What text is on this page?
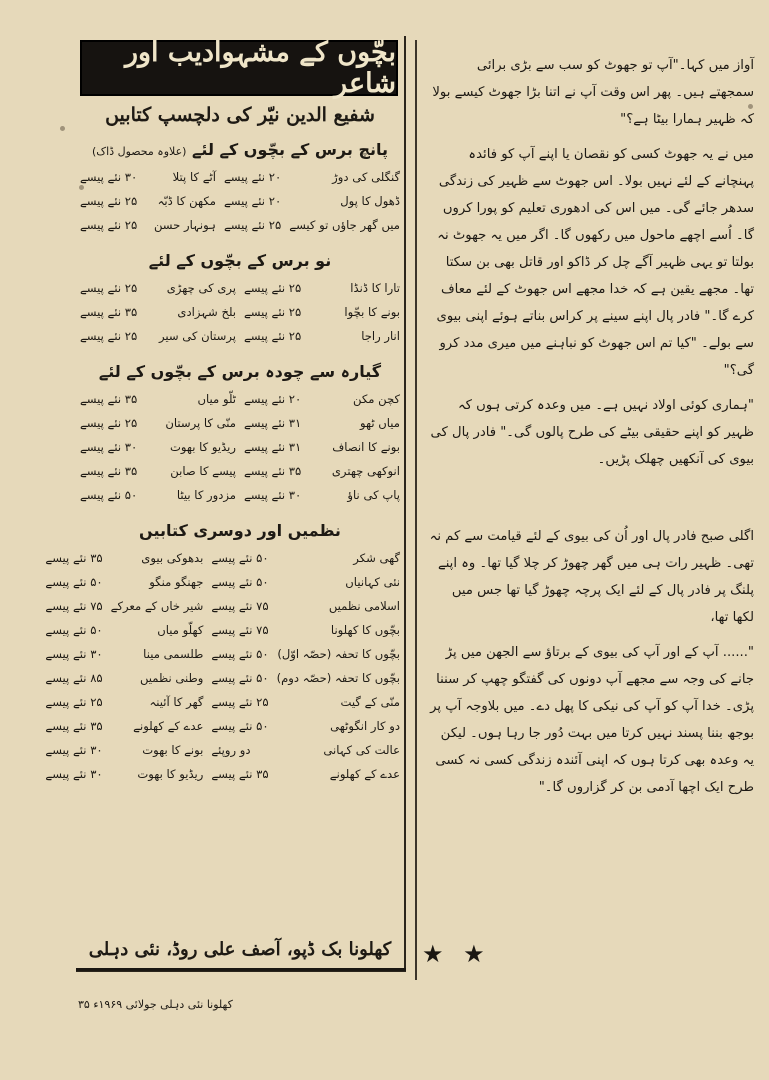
بچّوں کے مشہوادیب اور شاعر
شفیع الدین نیّر کی دلچسپ کتابیں
پانچ برس کے بچّوں کے لئے (علاوہ محصول ڈاک)
گنگلی کی دوڑ	۲۰ نئے پیسے	آٹے کا پتلا	۳۰ نئے پیسے
ڈھول کا پول	۲۰ نئے پیسے	مکھن کا ڈبّہ	۲۵ نئے پیسے
میں گھر جاؤں تو کیسے	۲۵ نئے پیسے	ہونہار حسن	۲۵ نئے پیسے
نو برس کے بچّوں کے لئے
تارا کا ڈنڈا	۲۵ نئے پیسے	پری کی چھڑی	۲۵ نئے پیسے
بونے کا بچّوا	۲۵ نئے پیسے	بلخ شہزادی	۳۵ نئے پیسے
انار راجا	۲۵ نئے پیسے	پرستان کی سیر	۲۵ نئے پیسے
گیارہ سے چودہ برس کے بچّوں کے لئے
کچن مکن	۲۰ نئے پیسے	ٹلّو میاں	۳۵ نئے پیسے
میاں ٹھو	۳۱ نئے پیسے	منّی کا پرستان	۲۵ نئے پیسے
بونے کا انصاف	۳۱ نئے پیسے	ریڈیو کا بھوت	۳۰ نئے پیسے
انوکھی چھتری	۳۵ نئے پیسے	پیسے کا صابن	۳۵ نئے پیسے
پاپ کی ناؤ	۳۰ نئے پیسے	مزدور کا بیٹا	۵۰ نئے پیسے
نظمیں اور دوسری کتابیں
گھی شکر	۵۰ نئے پیسے	بدھوکی بیوی	۳۵ نئے پیسے
نئی کہانیاں	۵۰ نئے پیسے	جھنگو منگو	۵۰ نئے پیسے
اسلامی نظمیں	۷۵ نئے پیسے	شیر خاں کے معرکے	۷۵ نئے پیسے
بچّوں کا کھلونا	۷۵ نئے پیسے	کھلّو میاں	۵۰ نئے پیسے
بچّوں کا تحفہ (حصّہ اوّل)	۵۰ نئے پیسے	طلسمی مینا	۳۰ نئے پیسے
بچّوں کا تحفہ (حصّہ دوم)	۵۰ نئے پیسے	وطنی نظمیں	۸۵ نئے پیسے
منّی کے گیت	۲۵ نئے پیسے	گھر کا آئینہ	۲۵ نئے پیسے
دو کار انگوٹھی	۵۰ نئے پیسے	عدے کے کھلونے	۳۵ نئے پیسے
عالت کی کہانی	دو روپئے	بونے کا بھوت	۳۰ نئے پیسے
عدے کے کھلونے	۳۵ نئے پیسے	ریڈیو کا بھوت	۳۰ نئے پیسے
کھلونا بک ڈپو، آصف علی روڈ، نئی دہلی

آواز میں کہا۔"آپ تو جھوٹ کو سب سے بڑی برائی سمجھتے ہیں۔ پھر اس وقت آپ نے اتنا بڑا جھوٹ کیسے بولا کہ ظہیر ہمارا بیٹا ہے؟"

میں نے یہ جھوٹ کسی کو نقصان یا اپنے آپ کو فائدہ پہنچانے کے لئے نہیں بولا۔ اس جھوٹ سے ظہیر کی زندگی سدھر جائے گی۔ میں اس کی ادھوری تعلیم کو پورا کروں گا۔ اُسے اچھے ماحول میں رکھوں گا۔ اگر میں یہ جھوٹ نہ بولتا تو یہی ظہیر آگے چل کر ڈاکو اور قاتل بھی بن سکتا تھا۔ مجھے یقین ہے کہ خدا مجھے اس جھوٹ کے لئے معاف کرے گا۔" فادر پال اپنے سینے پر کراس بناتے ہوئے اپنی بیوی سے بولے۔ "کیا تم اس جھوٹ کو نباہنے میں میری مدد کرو گی؟"

"ہماری کوئی اولاد نہیں ہے۔ میں وعدہ کرتی ہوں کہ ظہیر کو اپنے حقیقی بیٹے کی طرح پالوں گی۔" فادر پال کی بیوی کی آنکھیں چھلک پڑیں۔

اگلی صبح فادر پال اور اُن کی بیوی کے لئے قیامت سے کم نہ تھی۔ ظہیر رات ہی میں گھر چھوڑ کر چلا گیا تھا۔ وہ اپنے پلنگ پر فادر پال کے لئے ایک پرچہ چھوڑ گیا تھا جس میں لکھا تھا،

"...... آپ کے اور آپ کی بیوی کے برتاؤ سے الجھن میں پڑ جانے کی وجہ سے مجھے آپ دونوں کی گفتگو چھپ کر سننا پڑی۔ خدا آپ کو آپ کی نیکی کا پھل دے۔ میں بلاوجہ آپ پر بوجھ بننا پسند نہیں کرتا میں بہت دُور جا رہا ہوں۔ لیکن یہ وعدہ بھی کرتا ہوں کہ اپنی آئندہ زندگی کسی نہ کسی طرح ایک اچھا آدمی بن کر گزاروں گا۔"

★ ★
کھلونا نئی دہلی جولائی ۱۹۶۹ء ۳۵
